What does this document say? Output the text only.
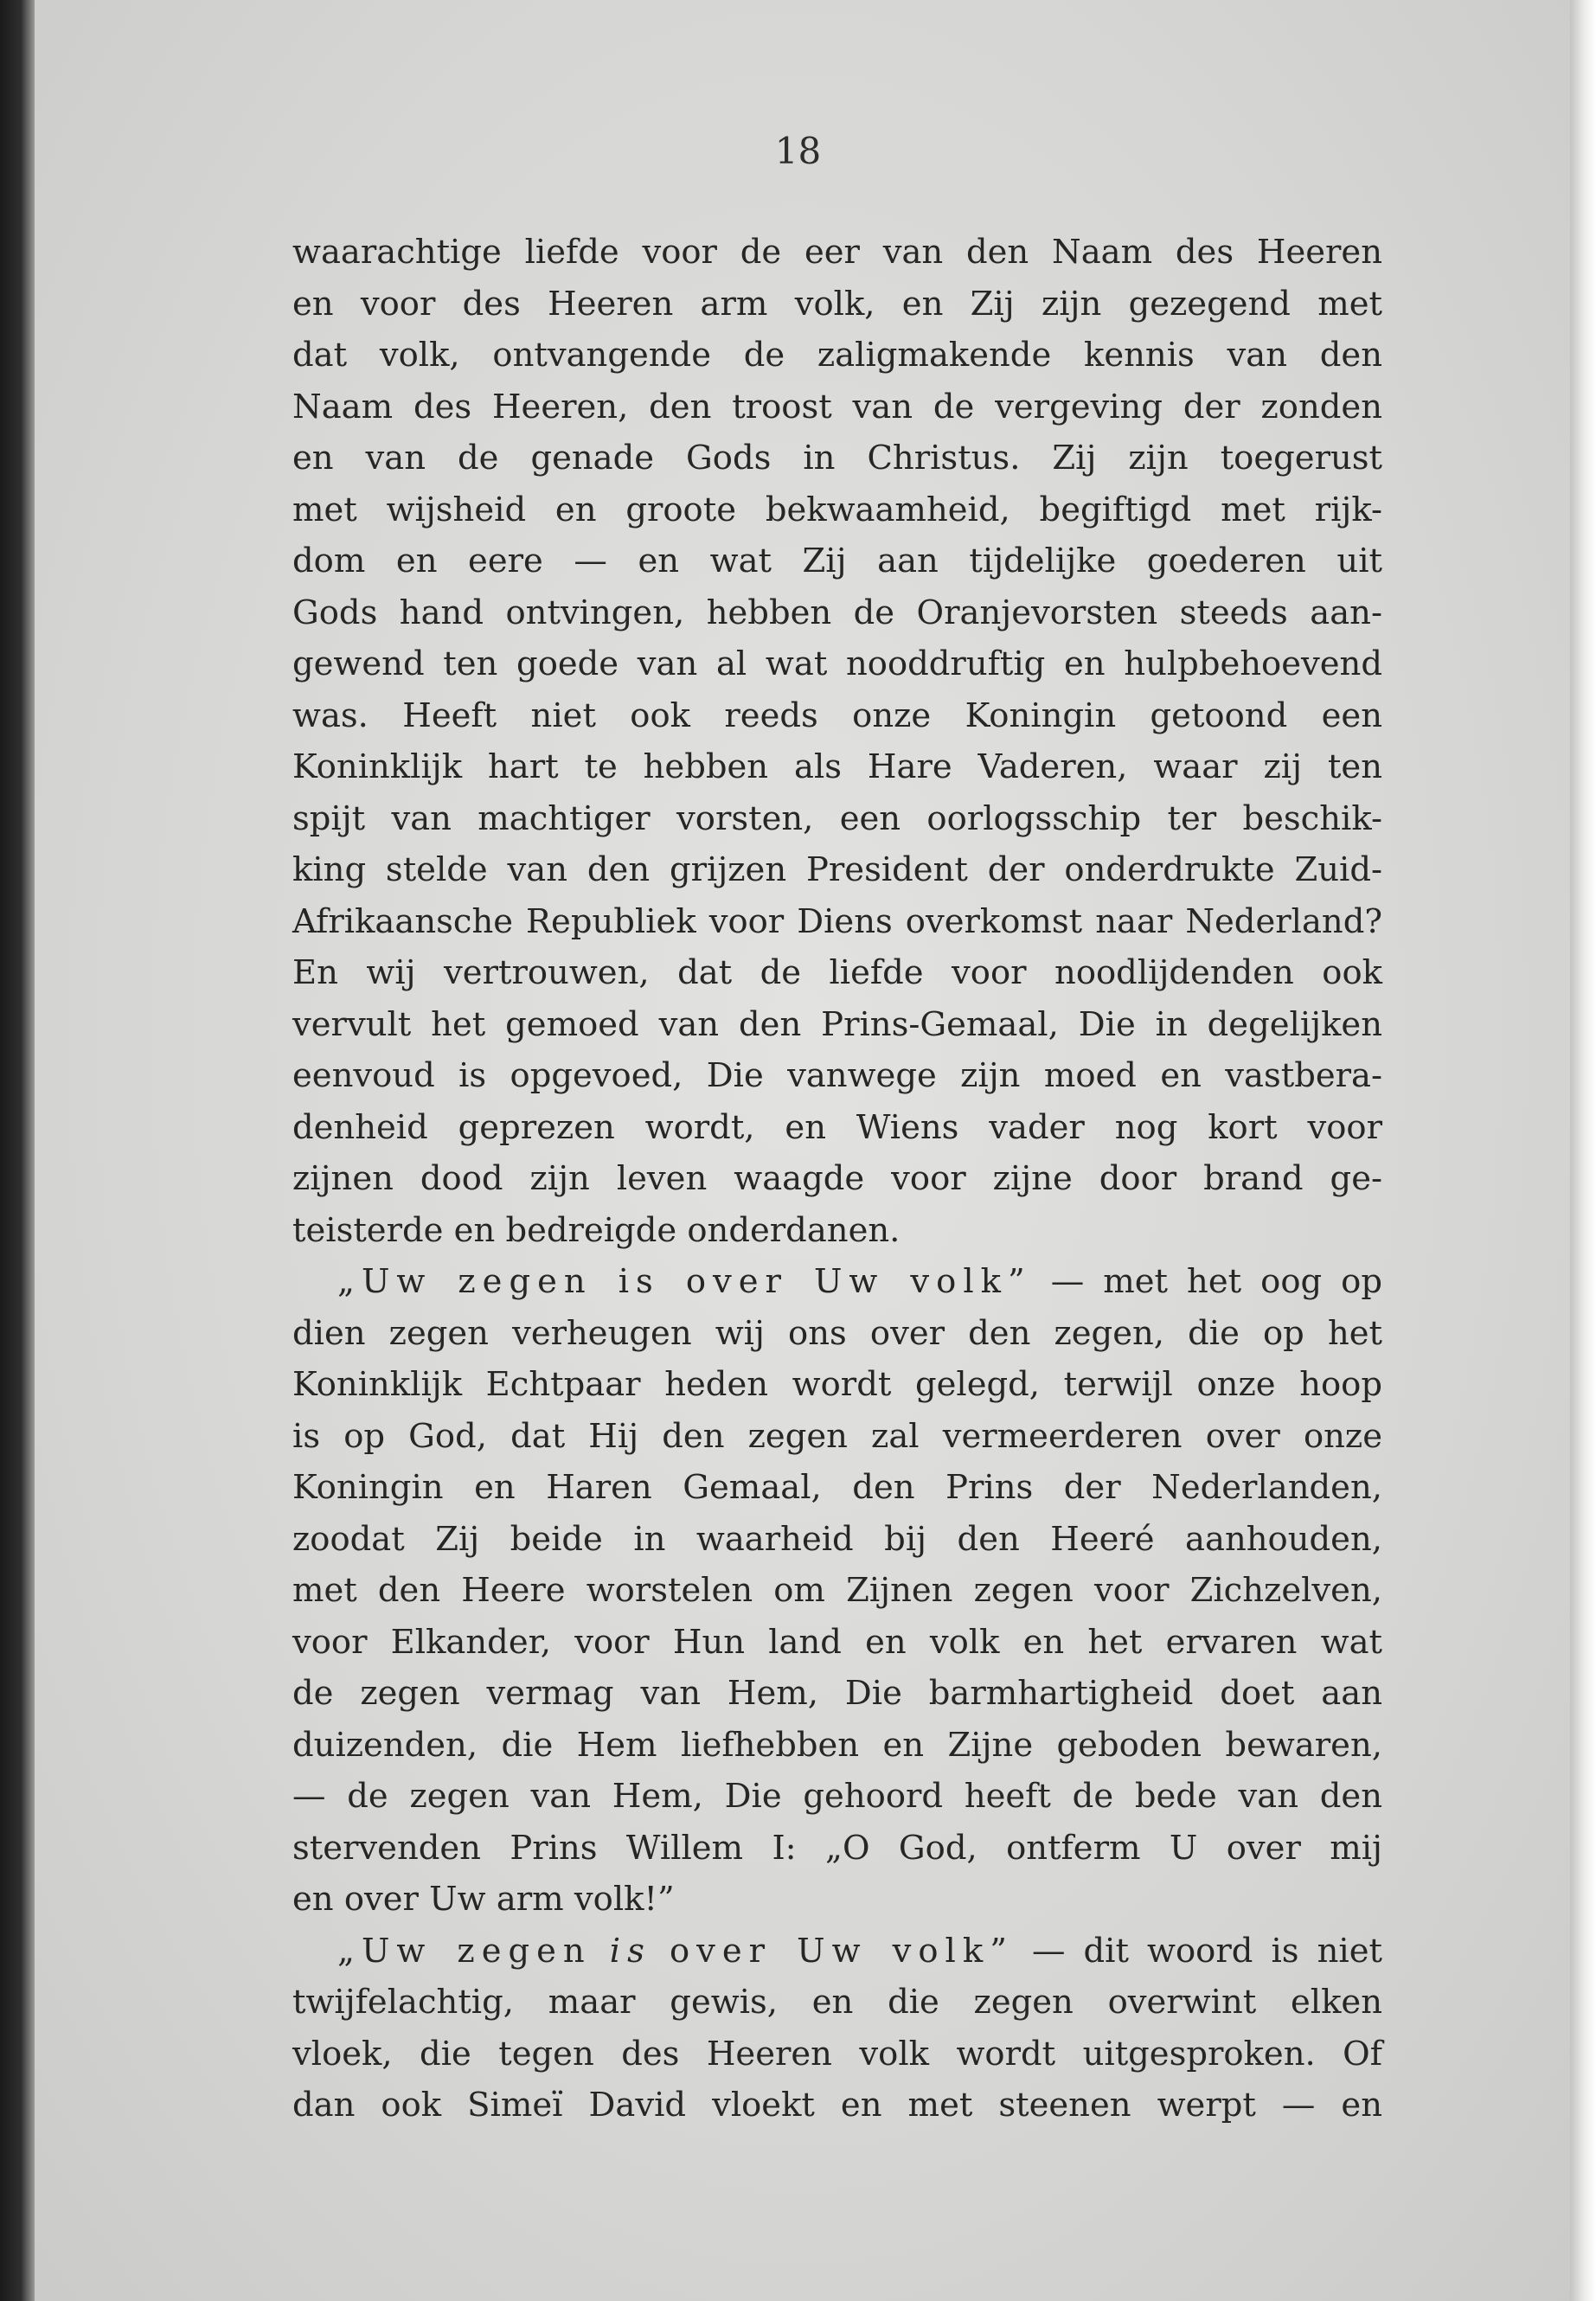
18
waarachtige liefde voor de eer van den Naam des Heeren
en voor des Heeren arm volk, en Zij zijn gezegend met
dat volk, ontvangende de zaligmakende kennis van den
Naam des Heeren, den troost van de vergeving der zonden
en van de genade Gods in Christus. Zij zijn toegerust
met wijsheid en groote bekwaamheid, begiftigd met rijk-
dom en eere — en wat Zij aan tijdelijke goederen uit
Gods hand ontvingen, hebben de Oranjevorsten steeds aan-
gewend ten goede van al wat nooddruftig en hulpbehoevend
was. Heeft niet ook reeds onze Koningin getoond een
Koninklijk hart te hebben als Hare Vaderen, waar zij ten
spijt van machtiger vorsten, een oorlogsschip ter beschik-
king stelde van den grijzen President der onderdrukte Zuid-
Afrikaansche Republiek voor Diens overkomst naar Nederland?
En wij vertrouwen, dat de liefde voor noodlijdenden ook
vervult het gemoed van den Prins-Gemaal, Die in degelijken
eenvoud is opgevoed, Die vanwege zijn moed en vastbera-
denheid geprezen wordt, en Wiens vader nog kort voor
zijnen dood zijn leven waagde voor zijne door brand ge-
teisterde en bedreigde onderdanen.
„Uw zegen is over Uw volk” — met het oog op
dien zegen verheugen wij ons over den zegen, die op het
Koninklijk Echtpaar heden wordt gelegd, terwijl onze hoop
is op God, dat Hij den zegen zal vermeerderen over onze
Koningin en Haren Gemaal, den Prins der Nederlanden,
zoodat Zij beide in waarheid bij den Heeré aanhouden,
met den Heere worstelen om Zijnen zegen voor Zichzelven,
voor Elkander, voor Hun land en volk en het ervaren wat
de zegen vermag van Hem, Die barmhartigheid doet aan
duizenden, die Hem liefhebben en Zijne geboden bewaren,
— de zegen van Hem, Die gehoord heeft de bede van den
stervenden Prins Willem I: „O God, ontferm U over mij
en over Uw arm volk!”
„Uw zegen is over Uw volk” — dit woord is niet
twijfelachtig, maar gewis, en die zegen overwint elken
vloek, die tegen des Heeren volk wordt uitgesproken. Of
dan ook Simeï David vloekt en met steenen werpt — en
